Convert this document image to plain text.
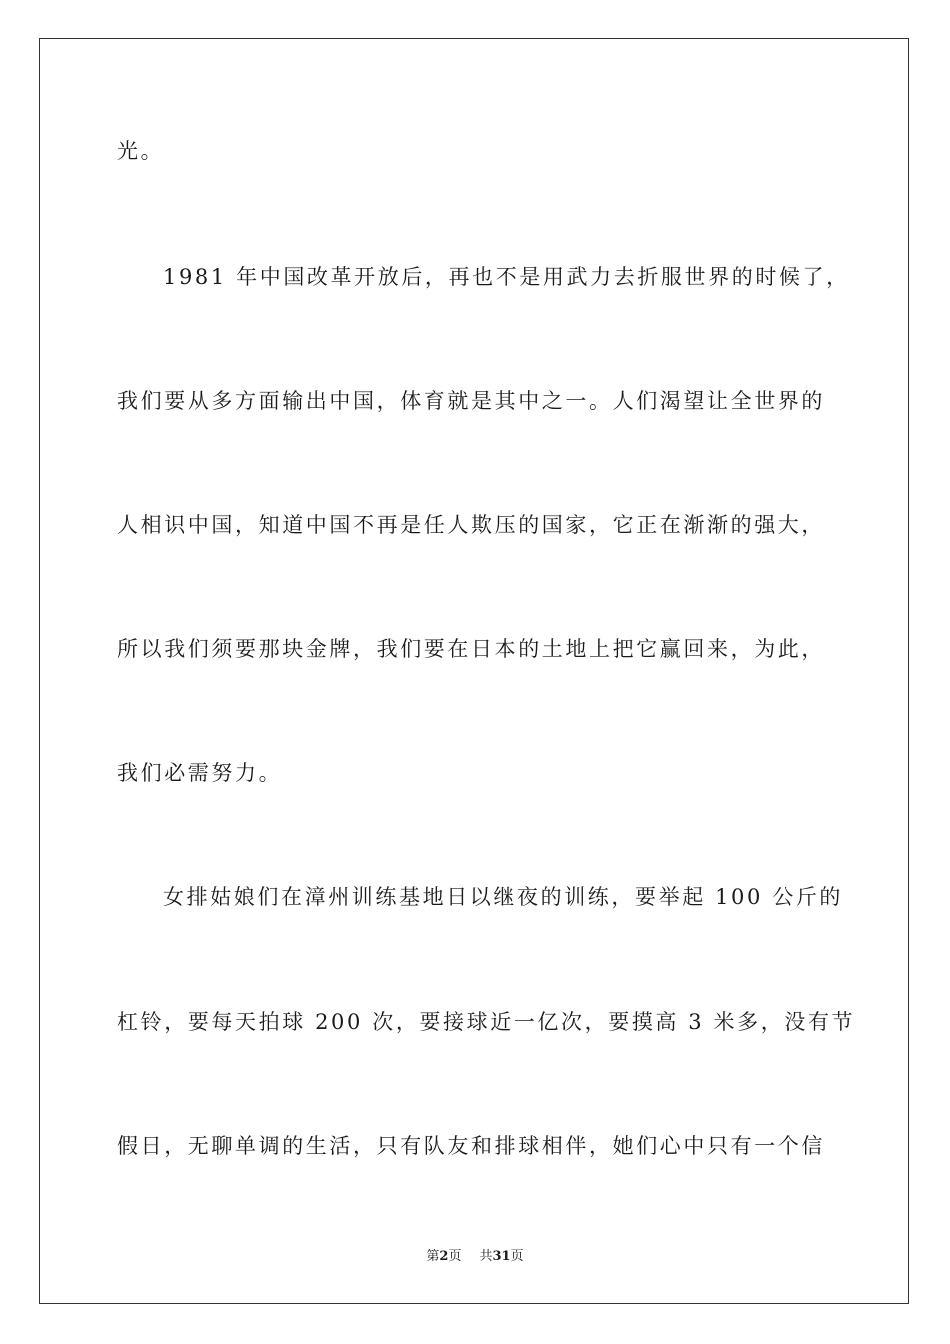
光。
1981 年中国改革开放后，再也不是用武力去折服世界的时候了，
我们要从多方面输出中国，体育就是其中之一。人们渴望让全世界的
人相识中国，知道中国不再是任人欺压的国家，它正在渐渐的强大，
所以我们须要那块金牌，我们要在日本的土地上把它赢回来，为此，
我们必需努力。
女排姑娘们在漳州训练基地日以继夜的训练，要举起 100 公斤的
杠铃，要每天拍球 200 次，要接球近一亿次，要摸高 3 米多，没有节
假日，无聊单调的生活，只有队友和排球相伴，她们心中只有一个信
第2页 共31页
